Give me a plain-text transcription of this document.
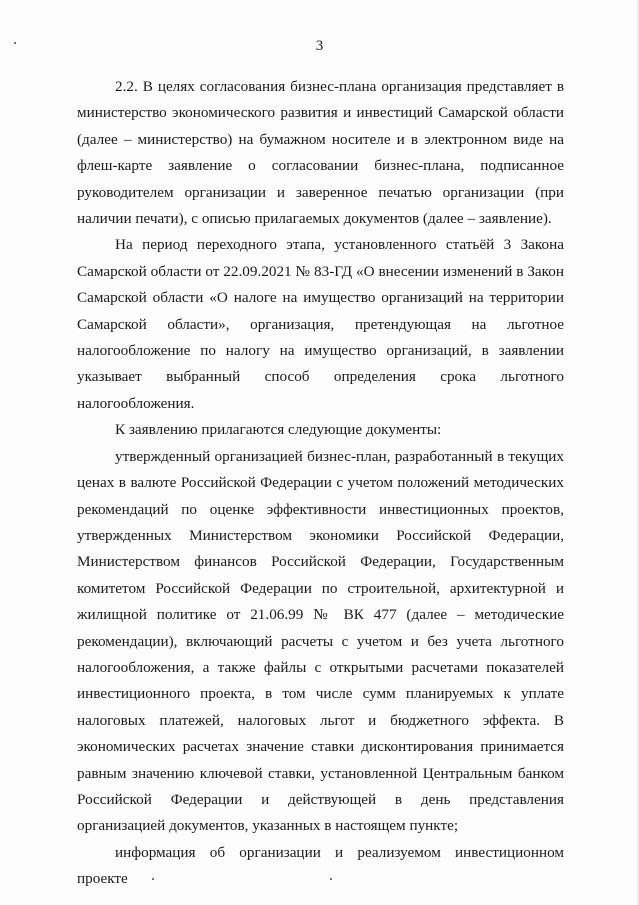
3

2.2. В целях согласования бизнес-плана организация представляет в министерство экономического развития и инвестиций Самарской области (далее – министерство) на бумажном носителе и в электронном виде на флеш-карте заявление о согласовании бизнес-плана, подписанное руководителем организации и заверенное печатью организации (при наличии печати), с описью прилагаемых документов (далее – заявление).

На период переходного этапа, установленного статьёй 3 Закона Самарской области от 22.09.2021 № 83-ГД «О внесении изменений в Закон Самарской области «О налоге на имущество организаций на территории Самарской области», организация, претендующая на льготное налогообложение по налогу на имущество организаций, в заявлении указывает выбранный способ определения срока льготного налогообложения.

К заявлению прилагаются следующие документы:

утвержденный организацией бизнес-план, разработанный в текущих ценах в валюте Российской Федерации с учетом положений методических рекомендаций по оценке эффективности инвестиционных проектов, утвержденных Министерством экономики Российской Федерации, Министерством финансов Российской Федерации, Государственным комитетом Российской Федерации по строительной, архитектурной и жилищной политике от 21.06.99 № ВК 477 (далее – методические рекомендации), включающий расчеты с учетом и без учета льготного налогообложения, а также файлы с открытыми расчетами показателей инвестиционного проекта, в том числе сумм планируемых к уплате налоговых платежей, налоговых льгот и бюджетного эффекта. В экономических расчетах значение ставки дисконтирования принимается равным значению ключевой ставки, установленной Центральным банком Российской Федерации и действующей в день представления организацией документов, указанных в настоящем пункте;

информация об организации и реализуемом инвестиционном проекте
